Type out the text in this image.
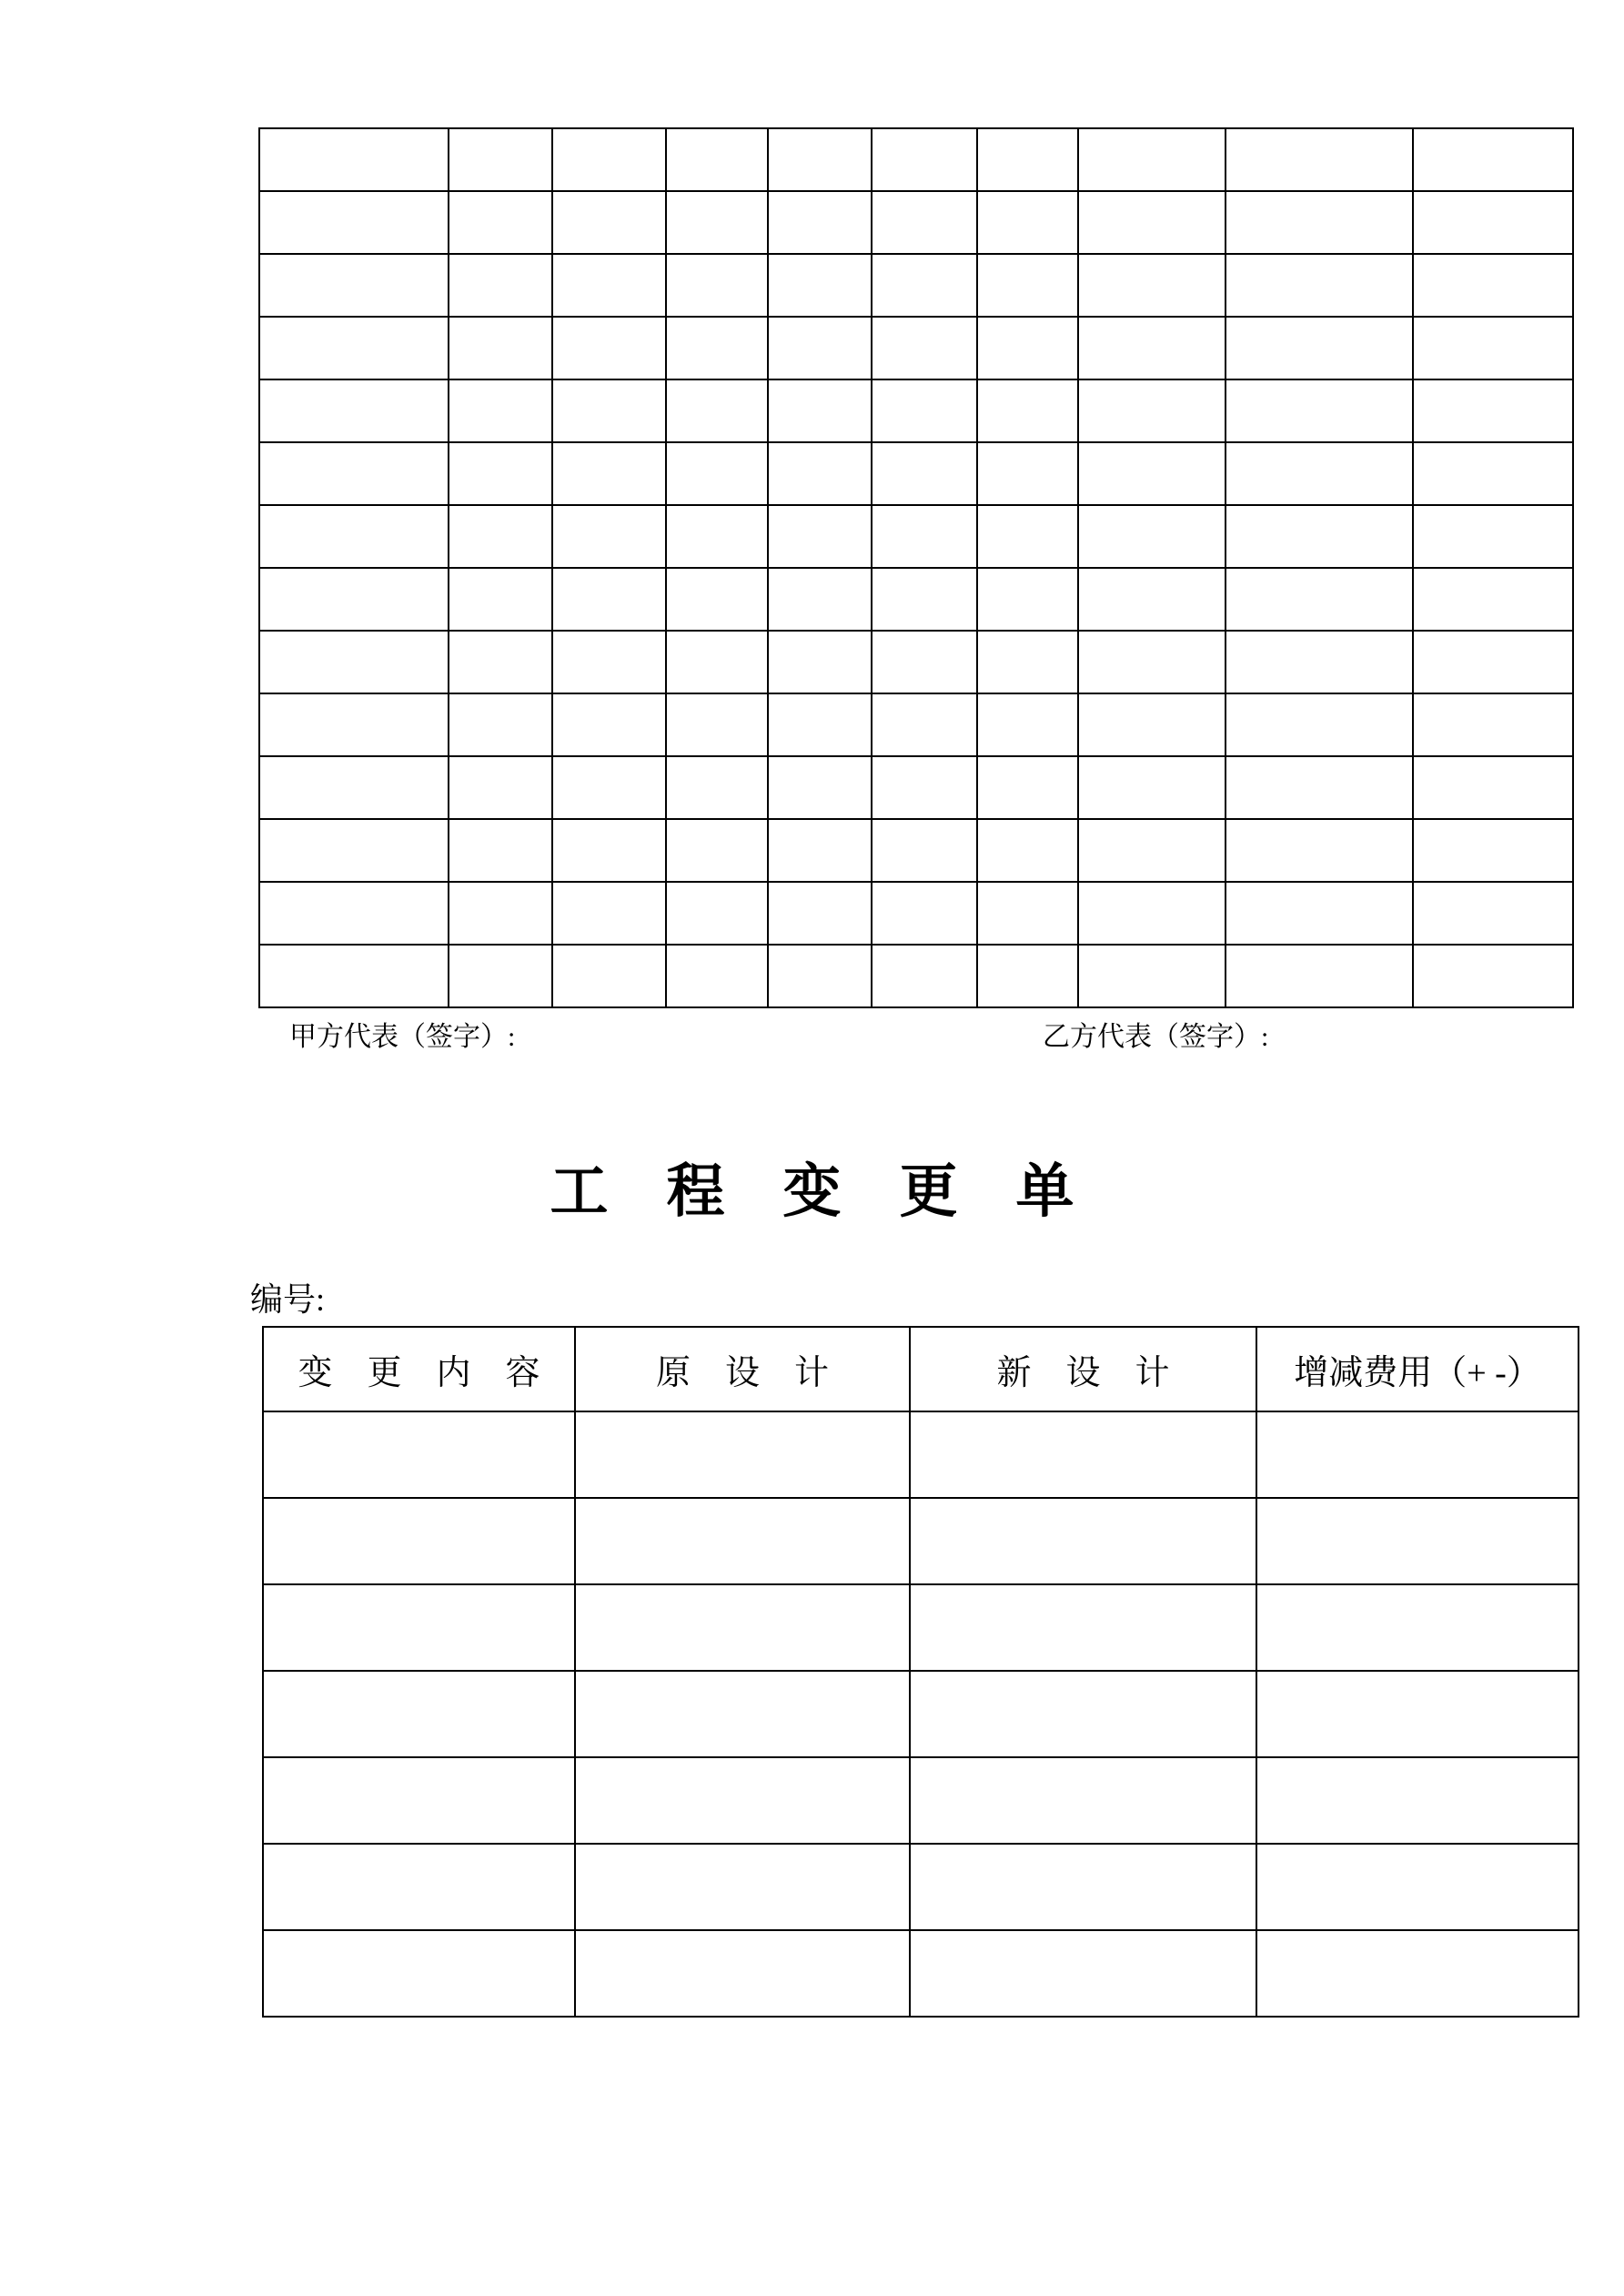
甲方代表（签字）:	乙方代表（签字）:
工　程　变　更　单
编号:
变　更　内　容	原　设　计	新　设　计	增减费用（+ -）
